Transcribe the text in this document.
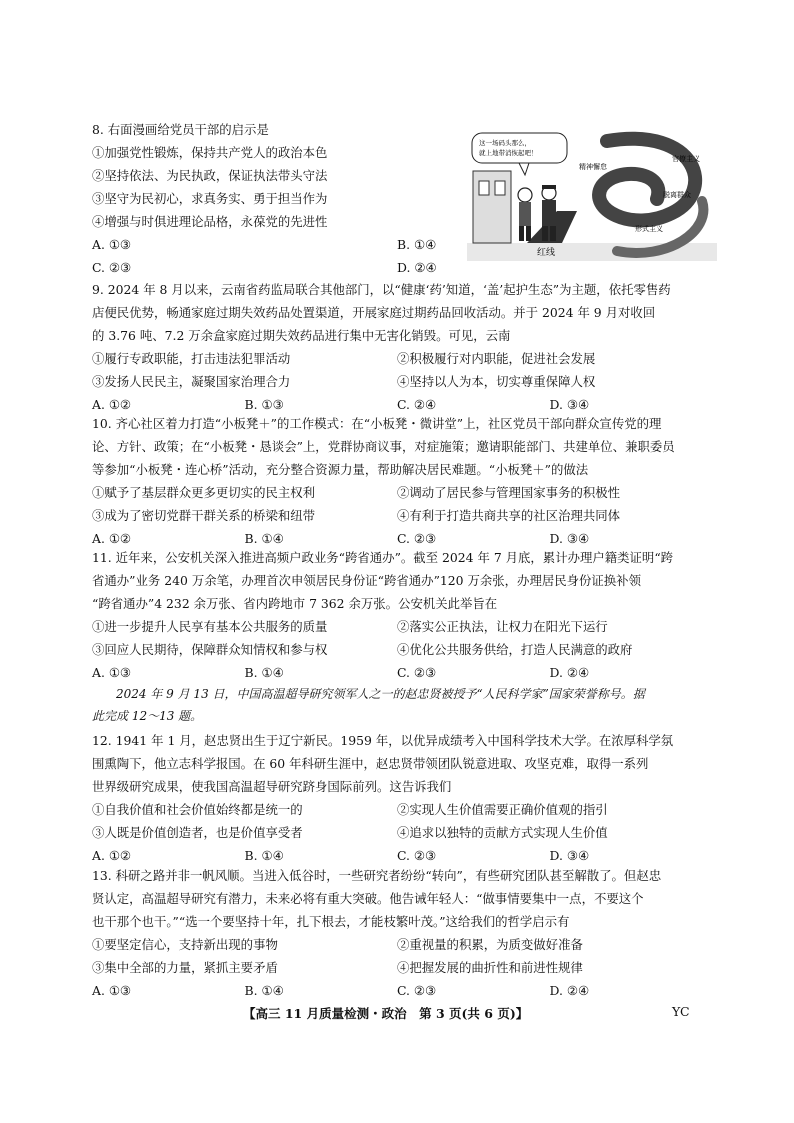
8. 右面漫画给党员干部的启示是
①加强党性锻炼，保持共产党人的政治本色
②坚持依法、为民执政，保证执法带头守法
③坚守为民初心，求真务实、勇于担当作为
④增强与时俱进理论品格，永葆党的先进性
A. ①③	B. ①④
C. ②③	D. ②④
红线
这一场码头那么，
就上地带消恢起吧！
精神懈怠
享乐主义
脱离群众
官僚主义
形式主义
9. 2024 年 8 月以来，云南省药监局联合其他部门，以“健康‘药’知道，‘盖’起护生态”为主题，依托零售药
店便民优势，畅通家庭过期失效药品处置渠道，开展家庭过期药品回收活动。并于 2024 年 9 月对收回
的 3.76 吨、7.2 万余盒家庭过期失效药品进行集中无害化销毁。可见，云南
①履行专政职能，打击违法犯罪活动	②积极履行对内职能，促进社会发展
③发扬人民民主，凝聚国家治理合力	④坚持以人为本，切实尊重保障人权
A. ①②	B. ①③	C. ②④	D. ③④
10. 齐心社区着力打造“小板凳＋”的工作模式：在“小板凳・微讲堂”上，社区党员干部向群众宣传党的理
论、方针、政策；在“小板凳・恳谈会”上，党群协商议事，对症施策；邀请职能部门、共建单位、兼职委员
等参加“小板凳・连心桥”活动，充分整合资源力量，帮助解决居民难题。“小板凳＋”的做法
①赋予了基层群众更多更切实的民主权利	②调动了居民参与管理国家事务的积极性
③成为了密切党群干群关系的桥梁和纽带	④有利于打造共商共享的社区治理共同体
A. ①②	B. ①④	C. ②③	D. ③④
11. 近年来，公安机关深入推进高频户政业务“跨省通办”。截至 2024 年 7 月底，累计办理户籍类证明“跨
省通办”业务 240 万余笔，办理首次申领居民身份证“跨省通办”120 万余张，办理居民身份证换补领
“跨省通办”4 232 余万张、省内跨地市 7 362 余万张。公安机关此举旨在
①进一步提升人民享有基本公共服务的质量	②落实公正执法，让权力在阳光下运行
③回应人民期待，保障群众知情权和参与权	④优化公共服务供给，打造人民满意的政府
A. ①③	B. ①④	C. ②③	D. ②④
2024 年 9 月 13 日，中国高温超导研究领军人之一的赵忠贤被授予“人民科学家”国家荣誉称号。据
此完成 12～13 题。
12. 1941 年 1 月，赵忠贤出生于辽宁新民。1959 年，以优异成绩考入中国科学技术大学。在浓厚科学氛
围熏陶下，他立志科学报国。在 60 年科研生涯中，赵忠贤带领团队锐意进取、攻坚克难，取得一系列
世界级研究成果，使我国高温超导研究跻身国际前列。这告诉我们
①自我价值和社会价值始终都是统一的	②实现人生价值需要正确价值观的指引
③人既是价值创造者，也是价值享受者	④追求以独特的贡献方式实现人生价值
A. ①②	B. ①④	C. ②③	D. ③④
13. 科研之路并非一帆风顺。当进入低谷时，一些研究者纷纷“转向”，有些研究团队甚至解散了。但赵忠
贤认定，高温超导研究有潜力，未来必将有重大突破。他告诫年轻人：“做事情要集中一点，不要这个
也干那个也干。”“选一个要坚持十年，扎下根去，才能枝繁叶茂。”这给我们的哲学启示有
①要坚定信心，支持新出现的事物	②重视量的积累，为质变做好准备
③集中全部的力量，紧抓主要矛盾	④把握发展的曲折性和前进性规律
A. ①③	B. ①④	C. ②③	D. ②④
【高三 11 月质量检测・政治　第 3 页(共 6 页)】	YC
